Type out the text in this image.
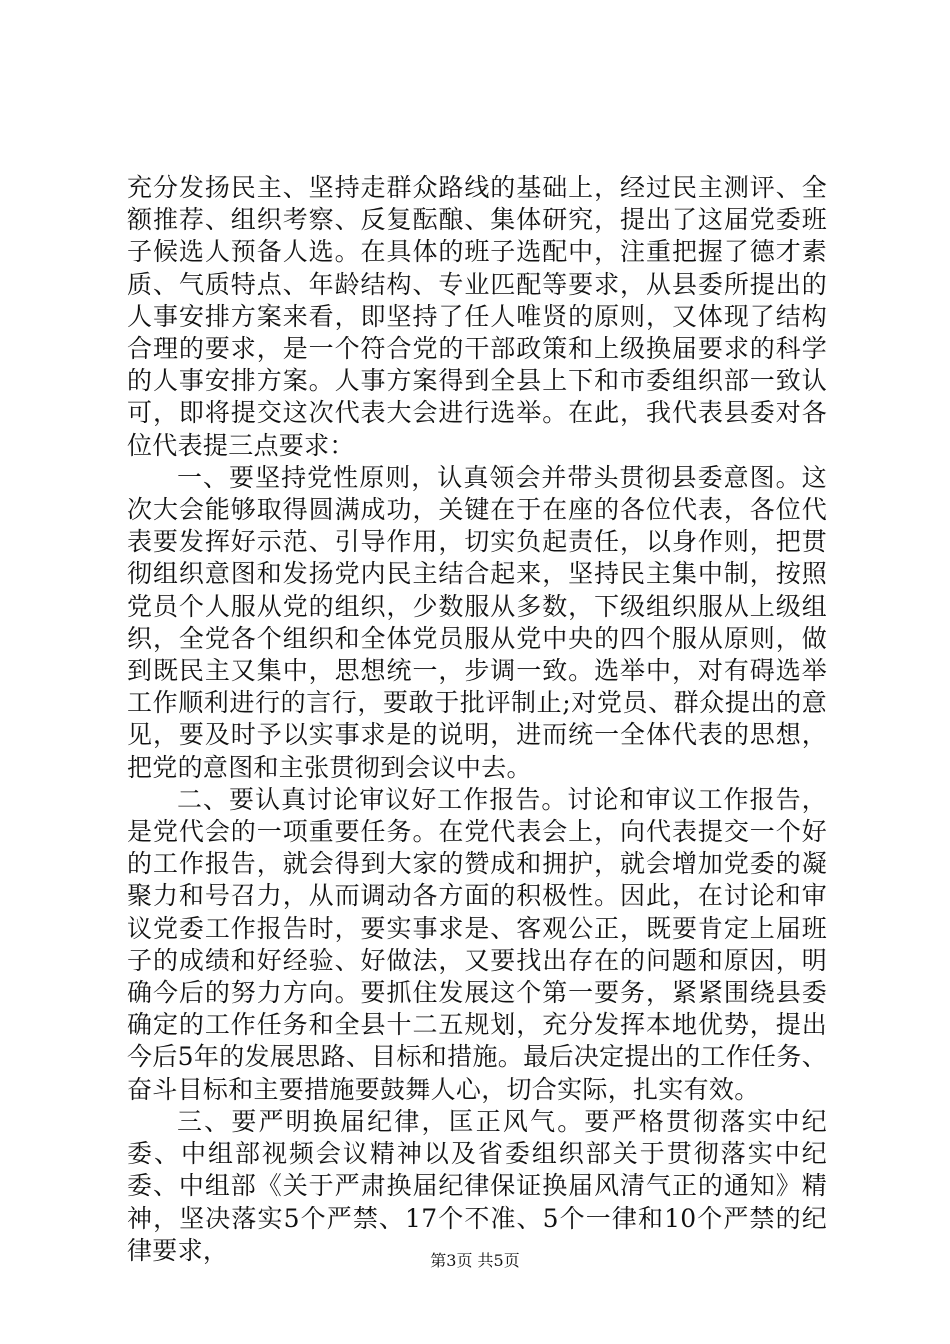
充分发扬民主、坚持走群众路线的基础上，经过民主测评、全额推荐、组织考察、反复酝酿、集体研究，提出了这届党委班子候选人预备人选。在具体的班子选配中，注重把握了德才素质、气质特点、年龄结构、专业匹配等要求，从县委所提出的人事安排方案来看，即坚持了任人唯贤的原则，又体现了结构合理的要求，是一个符合党的干部政策和上级换届要求的科学的人事安排方案。人事方案得到全县上下和市委组织部一致认可，即将提交这次代表大会进行选举。在此，我代表县委对各位代表提三点要求：

一、要坚持党性原则，认真领会并带头贯彻县委意图。这次大会能够取得圆满成功，关键在于在座的各位代表，各位代表要发挥好示范、引导作用，切实负起责任，以身作则，把贯彻组织意图和发扬党内民主结合起来，坚持民主集中制，按照党员个人服从党的组织，少数服从多数，下级组织服从上级组织，全党各个组织和全体党员服从党中央的四个服从原则，做到既民主又集中，思想统一，步调一致。选举中，对有碍选举工作顺利进行的言行，要敢于批评制止;对党员、群众提出的意见，要及时予以实事求是的说明，进而统一全体代表的思想，把党的意图和主张贯彻到会议中去。

二、要认真讨论审议好工作报告。讨论和审议工作报告，是党代会的一项重要任务。在党代表会上，向代表提交一个好的工作报告，就会得到大家的赞成和拥护，就会增加党委的凝聚力和号召力，从而调动各方面的积极性。因此，在讨论和审议党委工作报告时，要实事求是、客观公正，既要肯定上届班子的成绩和好经验、好做法，又要找出存在的问题和原因，明确今后的努力方向。要抓住发展这个第一要务，紧紧围绕县委确定的工作任务和全县十二五规划，充分发挥本地优势，提出今后5年的发展思路、目标和措施。最后决定提出的工作任务、奋斗目标和主要措施要鼓舞人心，切合实际，扎实有效。

三、要严明换届纪律，匡正风气。要严格贯彻落实中纪委、中组部视频会议精神以及省委组织部关于贯彻落实中纪委、中组部《关于严肃换届纪律保证换届风清气正的通知》精神，坚决落实5个严禁、17个不准、5个一律和10个严禁的纪律要求，	第3页 共5页
